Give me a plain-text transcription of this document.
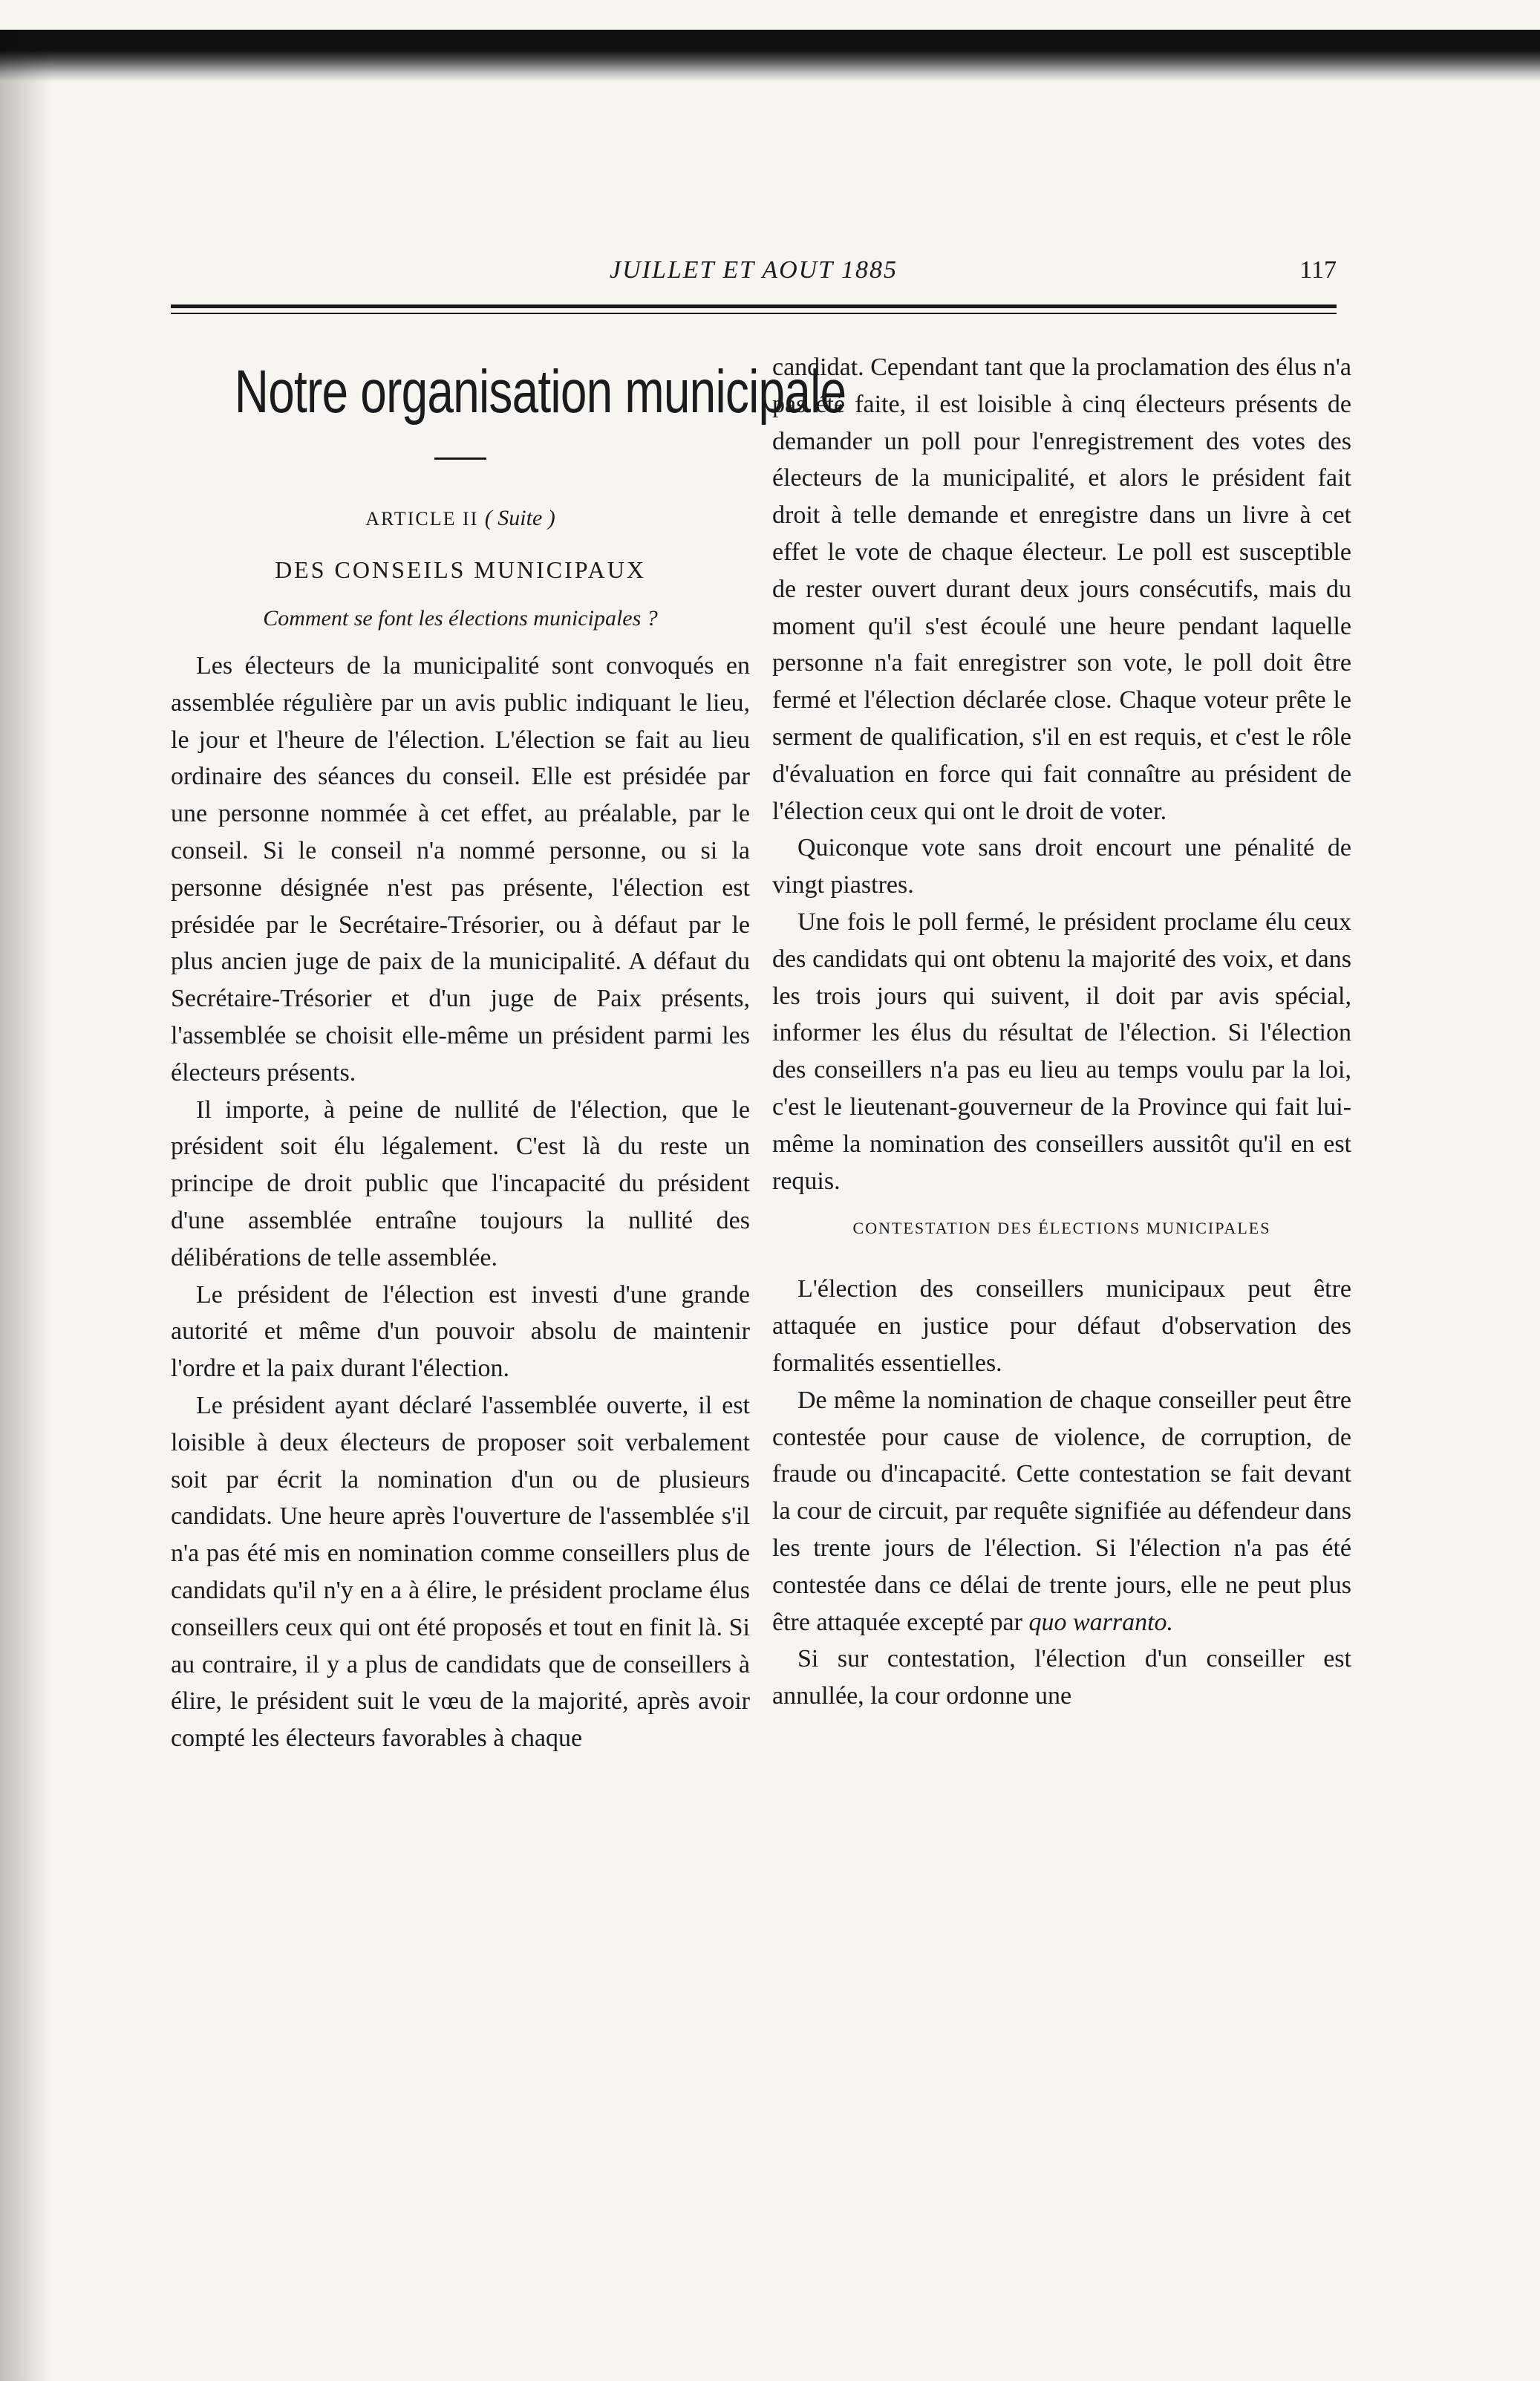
JUILLET ET AOUT 1885	117
Notre organisation municipale
ARTICLE II ( Suite )
DES CONSEILS MUNICIPAUX
Comment se font les élections municipales ?

Les électeurs de la municipalité sont convoqués en assemblée régulière par un avis public indiquant le lieu, le jour et l'heure de l'élection. L'élection se fait au lieu ordinaire des séances du conseil. Elle est présidée par une personne nommée à cet effet, au préalable, par le conseil. Si le conseil n'a nommé personne, ou si la personne désignée n'est pas présente, l'élection est présidée par le Secrétaire-Trésorier, ou à défaut par le plus ancien juge de paix de la municipalité. A défaut du Secrétaire-Trésorier et d'un juge de Paix présents, l'assemblée se choisit elle-même un président parmi les électeurs présents.

Il importe, à peine de nullité de l'élection, que le président soit élu légalement. C'est là du reste un principe de droit public que l'incapacité du président d'une assemblée entraîne toujours la nullité des délibérations de telle assemblée.

Le président de l'élection est investi d'une grande autorité et même d'un pouvoir absolu de maintenir l'ordre et la paix durant l'élection.

Le président ayant déclaré l'assemblée ouverte, il est loisible à deux électeurs de proposer soit verbalement soit par écrit la nomination d'un ou de plusieurs candidats. Une heure après l'ouverture de l'assemblée s'il n'a pas été mis en nomination comme conseillers plus de candidats qu'il n'y en a à élire, le président proclame élus conseillers ceux qui ont été proposés et tout en finit là. Si au contraire, il y a plus de candidats que de conseillers à élire, le président suit le vœu de la majorité, après avoir compté les électeurs favorables à chaque

candidat. Cependant tant que la proclamation des élus n'a pas été faite, il est loisible à cinq électeurs présents de demander un poll pour l'enregistrement des votes des électeurs de la municipalité, et alors le président fait droit à telle demande et enregistre dans un livre à cet effet le vote de chaque électeur. Le poll est susceptible de rester ouvert durant deux jours consécutifs, mais du moment qu'il s'est écoulé une heure pendant laquelle personne n'a fait enregistrer son vote, le poll doit être fermé et l'élection déclarée close. Chaque voteur prête le serment de qualification, s'il en est requis, et c'est le rôle d'évaluation en force qui fait connaître au président de l'élection ceux qui ont le droit de voter.

Quiconque vote sans droit encourt une pénalité de vingt piastres.

Une fois le poll fermé, le président proclame élu ceux des candidats qui ont obtenu la majorité des voix, et dans les trois jours qui suivent, il doit par avis spécial, informer les élus du résultat de l'élection. Si l'élection des conseillers n'a pas eu lieu au temps voulu par la loi, c'est le lieutenant-gouverneur de la Province qui fait lui-même la nomination des conseillers aussitôt qu'il en est requis.

CONTESTATION DES ÉLECTIONS MUNICIPALES

L'élection des conseillers municipaux peut être attaquée en justice pour défaut d'observation des formalités essentielles.

De même la nomination de chaque conseiller peut être contestée pour cause de violence, de corruption, de fraude ou d'incapacité. Cette contestation se fait devant la cour de circuit, par requête signifiée au défendeur dans les trente jours de l'élection. Si l'élection n'a pas été contestée dans ce délai de trente jours, elle ne peut plus être attaquée excepté par quo warranto.

Si sur contestation, l'élection d'un conseiller est annullée, la cour ordonne une
